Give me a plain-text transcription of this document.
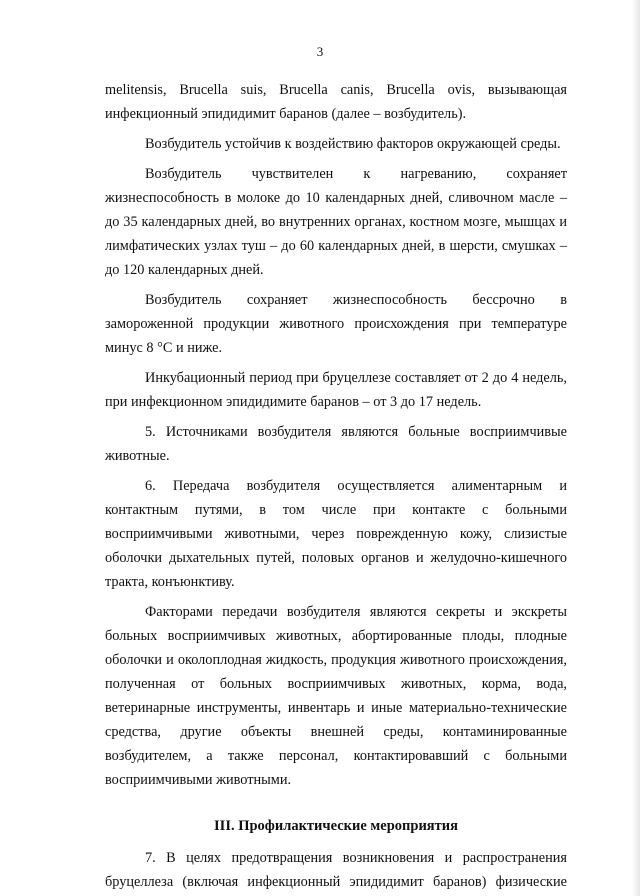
3

melitensis, Brucella suis, Brucella canis, Brucella ovis, вызывающая инфекционный эпидидимит баранов (далее – возбудитель).

Возбудитель устойчив к воздействию факторов окружающей среды.

Возбудитель чувствителен к нагреванию, сохраняет жизнеспособность в молоке до 10 календарных дней, сливочном масле – до 35 календарных дней, во внутренних органах, костном мозге, мышцах и лимфатических узлах туш – до 60 календарных дней, в шерсти, смушках – до 120 календарных дней.

Возбудитель сохраняет жизнеспособность бессрочно в замороженной продукции животного происхождения при температуре минус 8 °С и ниже.

Инкубационный период при бруцеллезе составляет от 2 до 4 недель, при инфекционном эпидидимите баранов – от 3 до 17 недель.

5. Источниками возбудителя являются больные восприимчивые животные.

6. Передача возбудителя осуществляется алиментарным и контактным путями, в том числе при контакте с больными восприимчивыми животными, через поврежденную кожу, слизистые оболочки дыхательных путей, половых органов и желудочно-кишечного тракта, конъюнктиву.

Факторами передачи возбудителя являются секреты и экскреты больных восприимчивых животных, абортированные плоды, плодные оболочки и околоплодная жидкость, продукция животного происхождения, полученная от больных восприимчивых животных, корма, вода, ветеринарные инструменты, инвентарь и иные материально-технические средства, другие объекты внешней среды, контаминированные возбудителем, а также персонал, контактировавший с больными восприимчивыми животными.

III. Профилактические мероприятия

7. В целях предотвращения возникновения и распространения бруцеллеза (включая инфекционный эпидидимит баранов) физические
